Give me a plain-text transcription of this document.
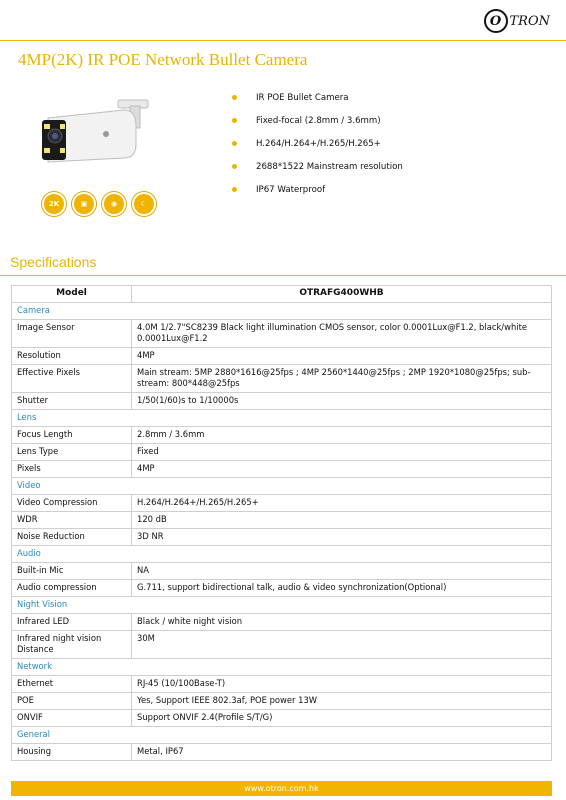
O TRON
4MP(2K) IR POE Network Bullet Camera
2K	▣	◉	☾
IR POE Bullet Camera
Fixed-focal (2.8mm / 3.6mm)
H.264/H.264+/H.265/H.265+
2688*1522 Mainstream resolution
IP67 Waterproof
Specifications
Model	OTRAFG400WHB
Camera	
Image Sensor	4.0M 1/2.7"SC8239 Black light illumination CMOS sensor, color 0.0001Lux@F1.2, black/white 0.0001Lux@F1.2
Resolution	4MP
Effective Pixels	Main stream: 5MP 2880*1616@25fps ; 4MP 2560*1440@25fps ; 2MP 1920*1080@25fps; sub-stream: 800*448@25fps
Shutter	1/50(1/60)s to 1/10000s
Lens	
Focus Length	2.8mm / 3.6mm
Lens Type	Fixed
Pixels	4MP
Video	
Video Compression	H.264/H.264+/H.265/H.265+
WDR	120 dB
Noise Reduction	3D NR
Audio	
Built-in Mic	NA
Audio compression	G.711, support bidirectional talk, audio & video synchronization(Optional)
Night Vision	
Infrared LED	Black / white night vision
Infrared night vision Distance	30M
Network	
Ethernet	RJ-45 (10/100Base-T)
POE	Yes, Support IEEE 802.3af, POE power 13W
ONVIF	Support ONVIF 2.4(Profile S/T/G)
General	
Housing	Metal, IP67
www.otron.com.hk
